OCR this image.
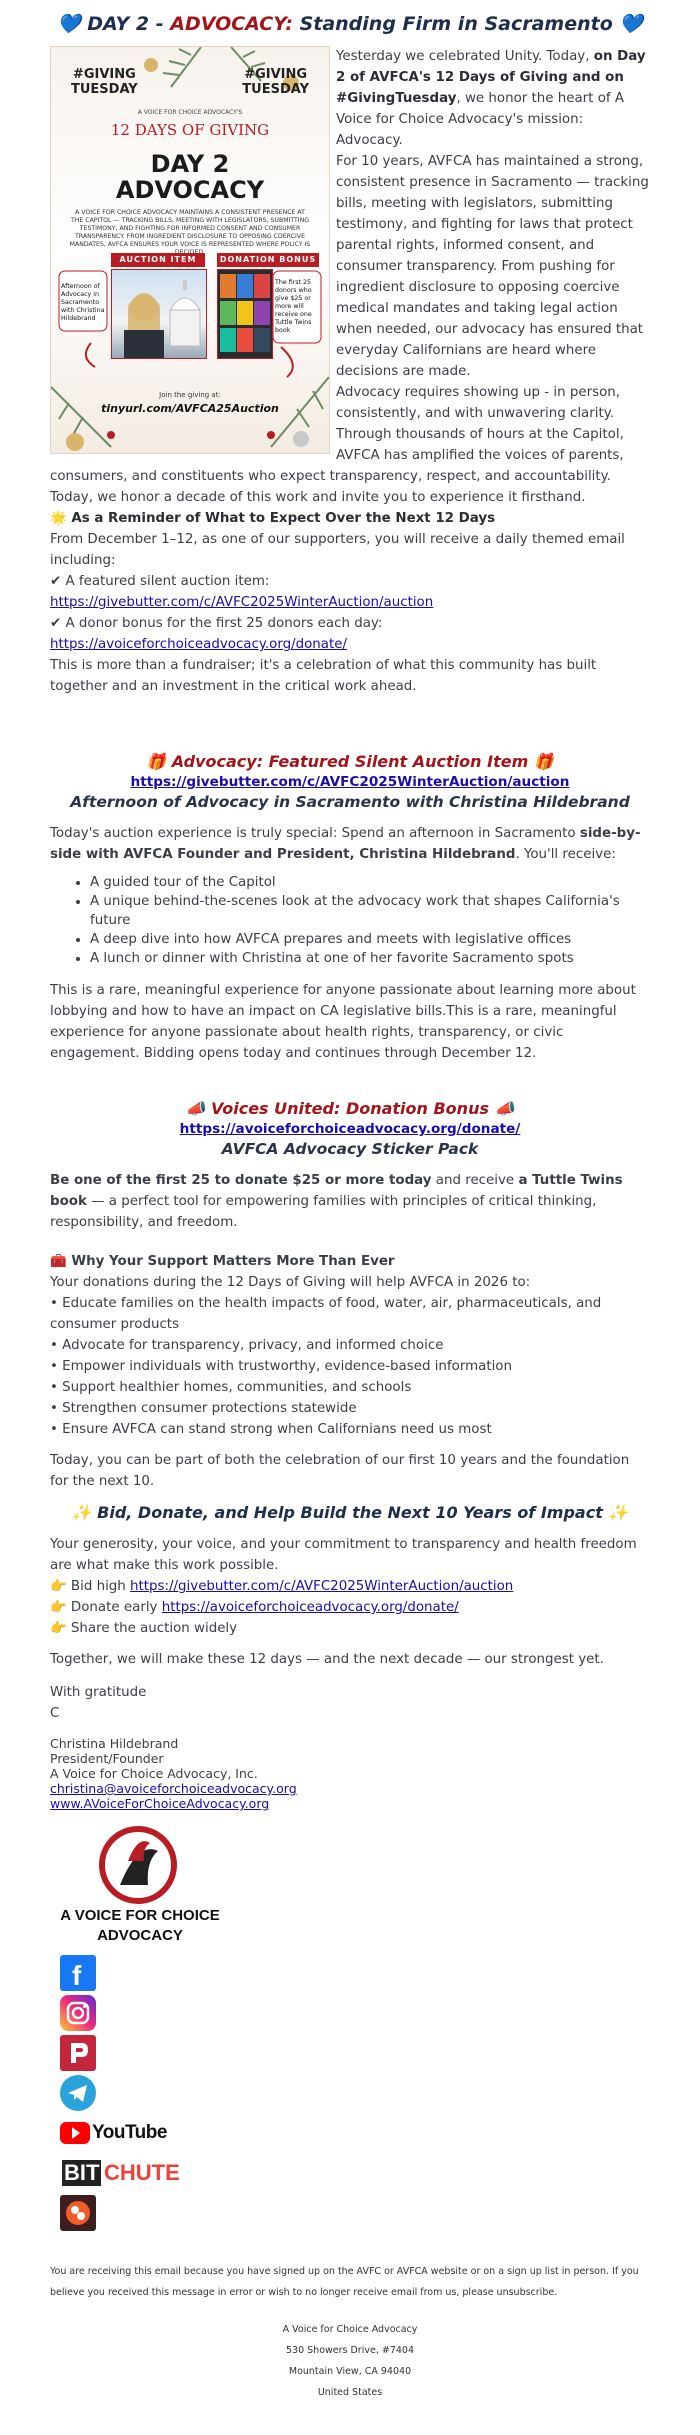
💙 DAY 2 - ADVOCACY: Standing Firm in Sacramento 💙
#GIVING
TUESDAY
#GIVING
TUESDAY
A VOICE FOR CHOICE ADVOCACY'S
12 DAYS OF GIVING
DAY 2
ADVOCACY
A VOICE FOR CHOICE ADVOCACY MAINTAINS A CONSISTENT PRESENCE AT THE CAPITOL — TRACKING BILLS, MEETING WITH LEGISLATORS, SUBMITTING TESTIMONY, AND FIGHTING FOR INFORMED CONSENT AND CONSUMER TRANSPARENCY. FROM INGREDIENT DISCLOSURE TO OPPOSING COERCIVE MANDATES, AVFCA ENSURES YOUR VOICE IS REPRESENTED WHERE POLICY IS
AUCTION ITEM	DONATION BONUS
Afternoon of Advocacy in Sacramento with Christina Hildebrand
The first 25 donors who give $25 or more will receive one Tuttle Twins book
Join the giving at:
tinyurl.com/AVFCA25Auction

Yesterday we celebrated Unity. Today, on Day 2 of AVFCA's 12 Days of Giving and on #GivingTuesday, we honor the heart of A Voice for Choice Advocacy's mission: Advocacy.

For 10 years, AVFCA has maintained a strong, consistent presence in Sacramento — tracking bills, meeting with legislators, submitting testimony, and fighting for laws that protect parental rights, informed consent, and consumer transparency. From pushing for ingredient disclosure to opposing coercive medical mandates and taking legal action when needed, our advocacy has ensured that everyday Californians are heard where decisions are made.

Advocacy requires showing up - in person, consistently, and with unwavering clarity. Through thousands of hours at the Capitol, AVFCA has amplified the voices of parents, consumers, and constituents who expect transparency, respect, and accountability. Today, we honor a decade of this work and invite you to experience it firsthand.

🌟 As a Reminder of What to Expect Over the Next 12 Days

From December 1–12, as one of our supporters, you will receive a daily themed email including:

✔ A featured silent auction item: https://givebutter.com/c/AVFC2025WinterAuction/auction

✔ A donor bonus for the first 25 donors each day: https://avoiceforchoiceadvocacy.org/donate/

This is more than a fundraiser; it's a celebration of what this community has built together and an investment in the critical work ahead.

🎁 Advocacy: Featured Silent Auction Item 🎁

https://givebutter.com/c/AVFC2025WinterAuction/auction

Afternoon of Advocacy in Sacramento with Christina Hildebrand

Today's auction experience is truly special: Spend an afternoon in Sacramento side-by-side with AVFCA Founder and President, Christina Hildebrand. You'll receive:

• A guided tour of the Capitol
• A unique behind-the-scenes look at the advocacy work that shapes California's future
• A deep dive into how AVFCA prepares and meets with legislative offices
• A lunch or dinner with Christina at one of her favorite Sacramento spots

This is a rare, meaningful experience for anyone passionate about learning more about lobbying and how to have an impact on CA legislative bills.This is a rare, meaningful experience for anyone passionate about health rights, transparency, or civic engagement. Bidding opens today and continues through December 12.

📣 Voices United: Donation Bonus 📣

https://avoiceforchoiceadvocacy.org/donate/

AVFCA Advocacy Sticker Pack

Be one of the first 25 to donate $25 or more today and receive a Tuttle Twins book — a perfect tool for empowering families with principles of critical thinking, responsibility, and freedom.

🧰 Why Your Support Matters More Than Ever

Your donations during the 12 Days of Giving will help AVFCA in 2026 to:

• Educate families on the health impacts of food, water, air, pharmaceuticals, and consumer products

• Advocate for transparency, privacy, and informed choice

• Empower individuals with trustworthy, evidence-based information

• Support healthier homes, communities, and schools

• Strengthen consumer protections statewide

• Ensure AVFCA can stand strong when Californians need us most

Today, you can be part of both the celebration of our first 10 years and the foundation for the next 10.

✨ Bid, Donate, and Help Build the Next 10 Years of Impact ✨

Your generosity, your voice, and your commitment to transparency and health freedom are what make this work possible.

👉 Bid high https://givebutter.com/c/AVFC2025WinterAuction/auction

👉 Donate early https://avoiceforchoiceadvocacy.org/donate/

👉 Share the auction widely

Together, we will make these 12 days — and the next decade — our strongest yet.

With gratitude

C

Christina Hildebrand

President/Founder

A Voice for Choice Advocacy, Inc.

christina@avoiceforchoiceadvocacy.org

www.AVoiceForChoiceAdvocacy.org

A VOICE FOR CHOICE
ADVOCACY
f
YouTube
BIT CHUTE

You are receiving this email because you have signed up on the AVFC or AVFCA website or on a sign up list in person. If you believe you received this message in error or wish to no longer receive email from us, please unsubscribe.

A Voice for Choice Advocacy

530 Showers Drive, #7404

Mountain View, CA 94040

United States
